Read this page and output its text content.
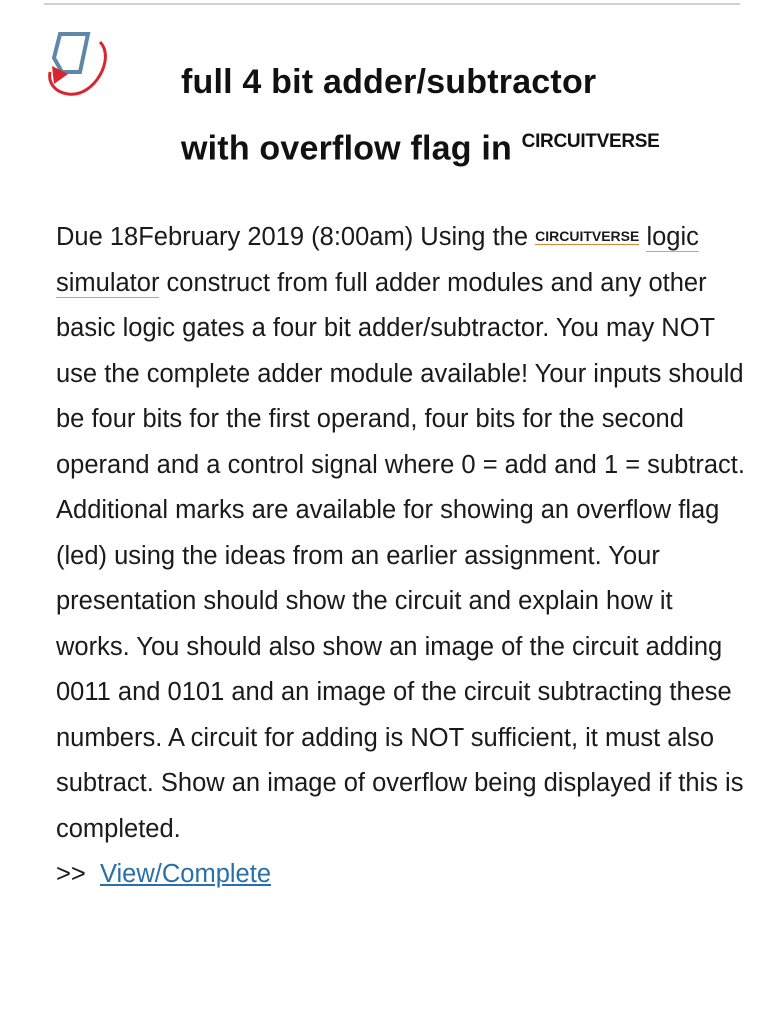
full 4 bit adder/subtractor
with overflow flag in $^{CIRCUITVERSE}$
Due 18February 2019 (8:00am) Using the CIRCUITVERSE logic simulator construct from full adder modules and any other basic logic gates a four bit adder/subtractor. You may NOT use the complete adder module available! Your inputs should be four bits for the first operand, four bits for the second operand and a control signal where 0 = add and 1 = subtract. Additional marks are available for showing an overflow flag (led) using the ideas from an earlier assignment. Your presentation should show the circuit and explain how it works. You should also show an image of the circuit adding 0011 and 0101 and an image of the circuit subtracting these numbers. A circuit for adding is NOT sufficient, it must also subtract. Show an image of overflow being displayed if this is completed.
>> View/Complete
